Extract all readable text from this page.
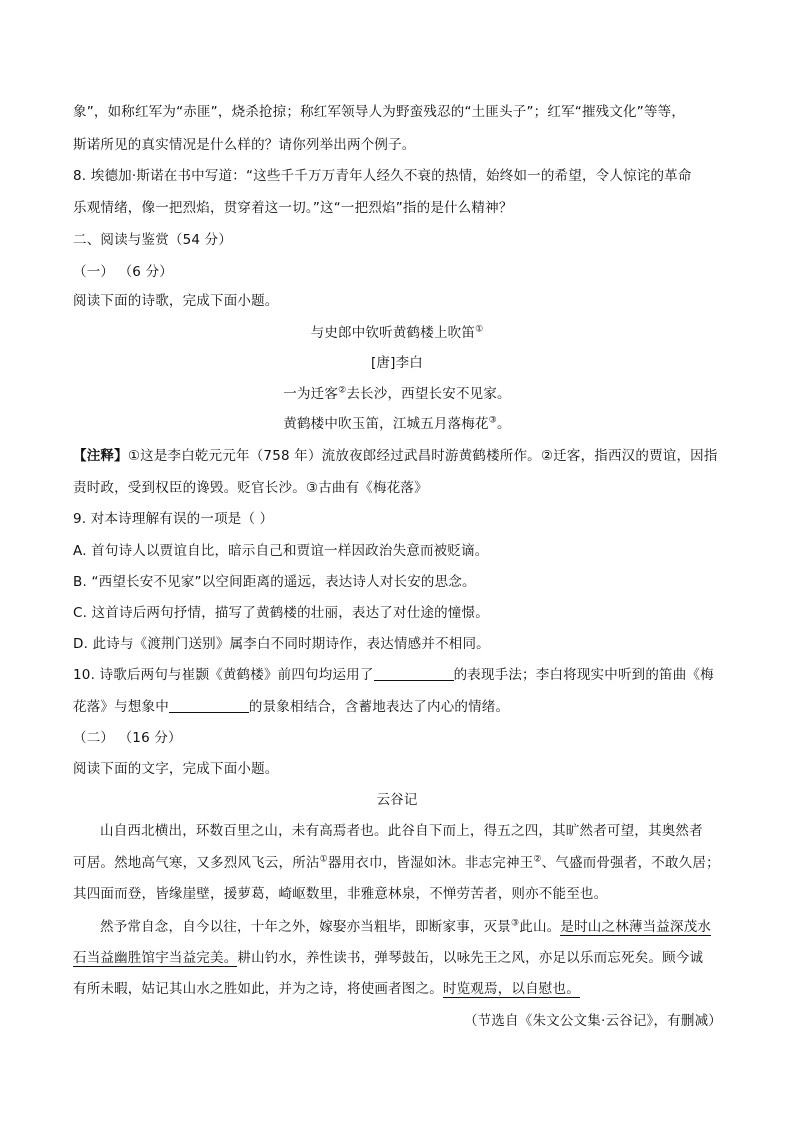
象”，如称红军为“赤匪”，烧杀抢掠；称红军领导人为野蛮残忍的“土匪头子”；红军“摧残文化”等等，
斯诺所见的真实情况是什么样的？请你列举出两个例子。
8. 埃德加·斯诺在书中写道：“这些千千万万青年人经久不衰的热情，始终如一的希望，令人惊诧的革命
乐观情绪，像一把烈焰，贯穿着这一切。”这“一把烈焰”指的是什么精神？
二、阅读与鉴赏（54 分）
（一） （6 分）
阅读下面的诗歌，完成下面小题。
与史郎中钦听黄鹤楼上吹笛①
[唐]李白
一为迁客②去长沙，西望长安不见家。
黄鹤楼中吹玉笛，江城五月落梅花③。
【注释】①这是李白乾元元年（758 年）流放夜郎经过武昌时游黄鹤楼所作。②迁客，指西汉的贾谊，因指
责时政，受到权臣的谗毁。贬官长沙。③古曲有《梅花落》
9. 对本诗理解有误的一项是（ ）
A. 首句诗人以贾谊自比，暗示自己和贾谊一样因政治失意而被贬谪。
B. “西望长安不见家”以空间距离的遥远，表达诗人对长安的思念。
C. 这首诗后两句抒情，描写了黄鹤楼的壮丽，表达了对仕途的憧憬。
D. 此诗与《渡荆门送别》属李白不同时期诗作，表达情感并不相同。
10. 诗歌后两句与崔颢《黄鹤楼》前四句均运用了	的表现手法；李白将现实中听到的笛曲《梅
花落》与想象中	的景象相结合，含蓄地表达了内心的情绪。
（二） （16 分）
阅读下面的文字，完成下面小题。
云谷记
山自西北横出，环数百里之山，未有高焉者也。此谷自下而上，得五之四，其旷然者可望，其奥然者
可居。然地高气寒，又多烈风飞云，所沾①器用衣巾，皆湿如沐。非志完神王②、气盛而骨强者，不敢久居；
其四面而登，皆缘崖壁，援萝葛，崎岖数里，非雅意林泉，不惮劳苦者，则亦不能至也。
然予常自念，自今以往，十年之外，嫁娶亦当粗毕，即断家事，灭景③此山。是时山之林薄当益深茂水
石当益幽胜馆宇当益完美。耕山钓水，养性读书，弹琴鼓缶，以咏先王之风，亦足以乐而忘死矣。顾今诚
有所未暇，姑记其山水之胜如此，并为之诗，将使画者图之。时览观焉，以自慰也。
（节选自《朱文公文集·云谷记》，有删减）
